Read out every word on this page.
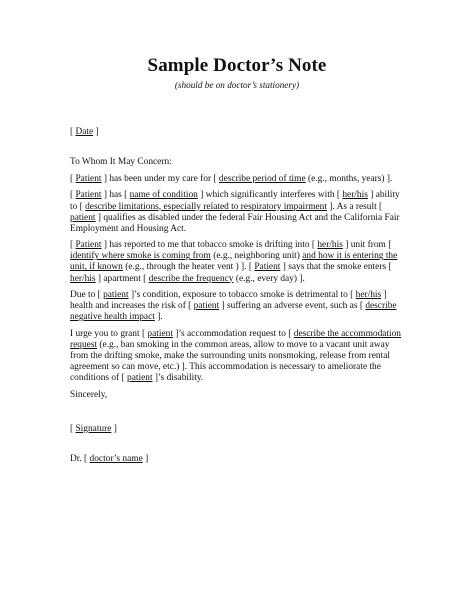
Sample Doctor’s Note
(should be on doctor’s stationery)

[ Date ]

To Whom It May Concern:

[ Patient ] has been under my care for [ describe period of time (e.g., months, years) ].

[ Patient ] has [ name of condition ] which significantly interferes with [ her/his ] ability to [ describe limitations, especially related to respiratory impairment ]. As a result [ patient ] qualifies as disabled under the federal Fair Housing Act and the California Fair Employment and Housing Act.

[ Patient ] has reported to me that tobacco smoke is drifting into [ her/his ] unit from [ identify where smoke is coming from (e.g., neighboring unit) and how it is entering the unit, if known (e.g., through the heater vent ) ]. [ Patient ] says that the smoke enters [ her/his ] apartment [ describe the frequency (e.g., every day) ].

Due to [ patient ]’s condition, exposure to tobacco smoke is detrimental to [ her/his ] health and increases the risk of [ patient ] suffering an adverse event, such as [ describe negative health impact ].

I urge you to grant [ patient ]’s accommodation request to [ describe the accommodation request (e.g., ban smoking in the common areas, allow to move to a vacant unit away from the drifting smoke, make the surrounding units nonsmoking, release from rental agreement so can move, etc.) ]. This accommodation is necessary to ameliorate the conditions of [ patient ]’s disability.

Sincerely,

[ Signature ]

Dr. [ doctor’s name ]
